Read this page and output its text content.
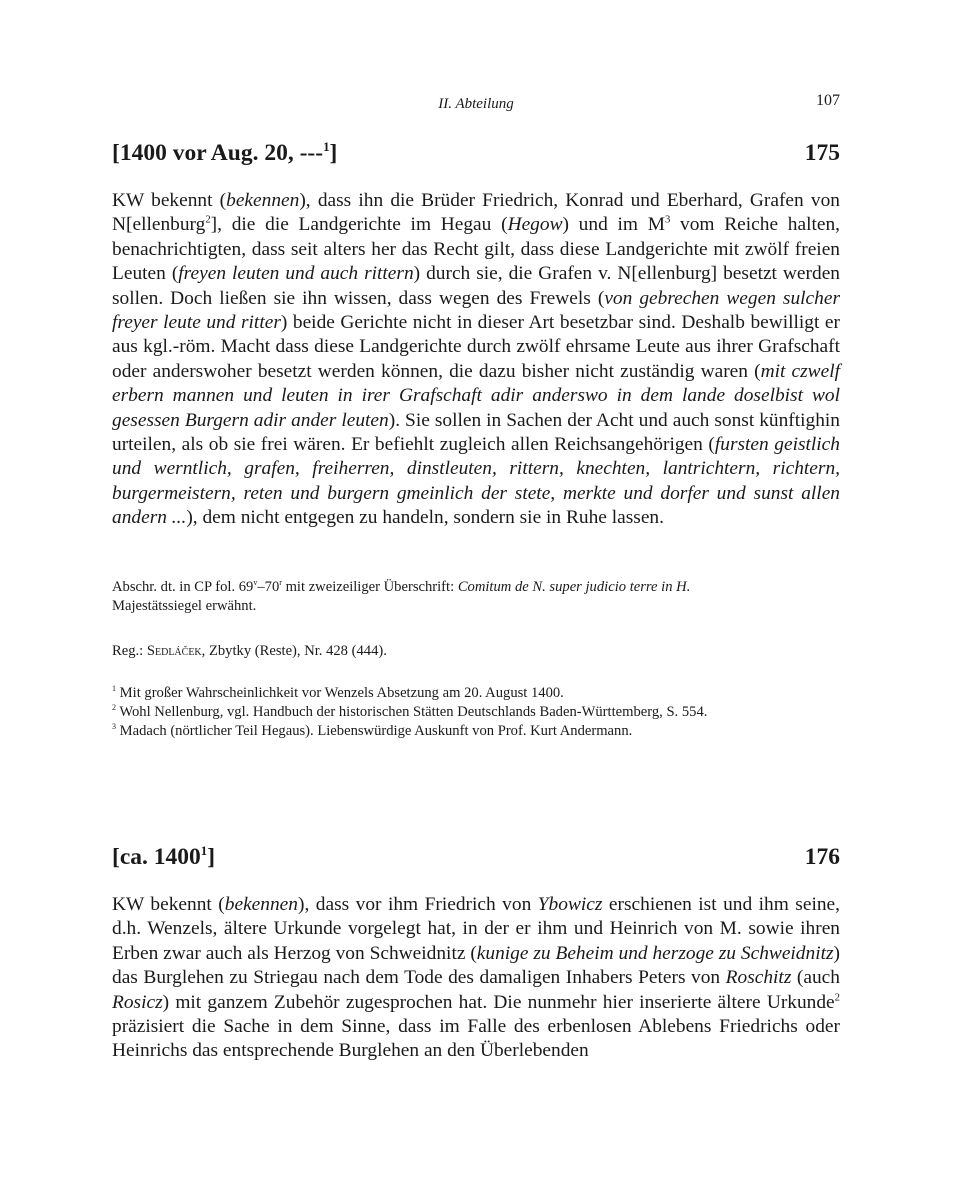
II. Abteilung	107
[1400 vor Aug. 20, ---$^1$]	175

KW bekennt (bekennen), dass ihn die Brüder Friedrich, Konrad und Eberhard, Grafen von N[ellenburg$^2$], die die Landgerichte im Hegau (Hegow) und im $M^3$ vom Reiche halten, benachrichtigten, dass seit alters her das Recht gilt, dass diese Landgerichte mit zwölf freien Leuten (freyen leuten und auch rittern) durch sie, die Grafen v. N[ellenburg] besetzt werden sollen. Doch ließen sie ihn wissen, dass wegen des Frewels (von gebrechen wegen sulcher freyer leute und ritter) beide Gerichte nicht in dieser Art besetzbar sind. Deshalb bewilligt er aus kgl.-röm. Macht dass diese Landgerichte durch zwölf ehrsame Leute aus ihrer Grafschaft oder anderswoher besetzt werden können, die dazu bisher nicht zuständig waren (mit czwelf erbern mannen und leuten in irer Grafschaft adir anderswo in dem lande doselbist wol gesessen Burgern adir ander leuten). Sie sollen in Sachen der Acht und auch sonst künftighin urteilen, als ob sie frei wären. Er befiehlt zugleich allen Reichsangehörigen (fursten geistlich und werntlich, grafen, freiherren, dinstleuten, rittern, knechten, lantrichtern, richtern, burgermeistern, reten und burgern gmeinlich der stete, merkte und dorfer und sunst allen andern ...), dem nicht entgegen zu handeln, sondern sie in Ruhe lassen.

Abschr. dt. in CP fol. 69$^v$–70$^r$ mit zweizeiliger Überschrift: Comitum de N. super judicio terre in H.

Majestätssiegel erwähnt.

Reg.: Sedláček, Zbytky (Reste), Nr. 428 (444).

$^1$ Mit großer Wahrscheinlichkeit vor Wenzels Absetzung am 20. August 1400.

$^2$ Wohl Nellenburg, vgl. Handbuch der historischen Stätten Deutschlands Baden-Württemberg, S. 554.

$^3$ Madach (nörtlicher Teil Hegaus). Liebenswürdige Auskunft von Prof. Kurt Andermann.

[ca. 1400$^1$]	176

KW bekennt (bekennen), dass vor ihm Friedrich von Ybowicz erschienen ist und ihm seine, d.h. Wenzels, ältere Urkunde vorgelegt hat, in der er ihm und Heinrich von M. sowie ihren Erben zwar auch als Herzog von Schweidnitz (kunige zu Beheim und herzoge zu Schweidnitz) das Burglehen zu Striegau nach dem Tode des damaligen Inhabers Peters von Roschitz (auch Rosicz) mit ganzem Zubehör zugesprochen hat. Die nunmehr hier inserierte ältere Urkunde$^2$ präzisiert die Sache in dem Sinne, dass im Falle des erbenlosen Ablebens Friedrichs oder Heinrichs das entsprechende Burglehen an den Überlebenden
